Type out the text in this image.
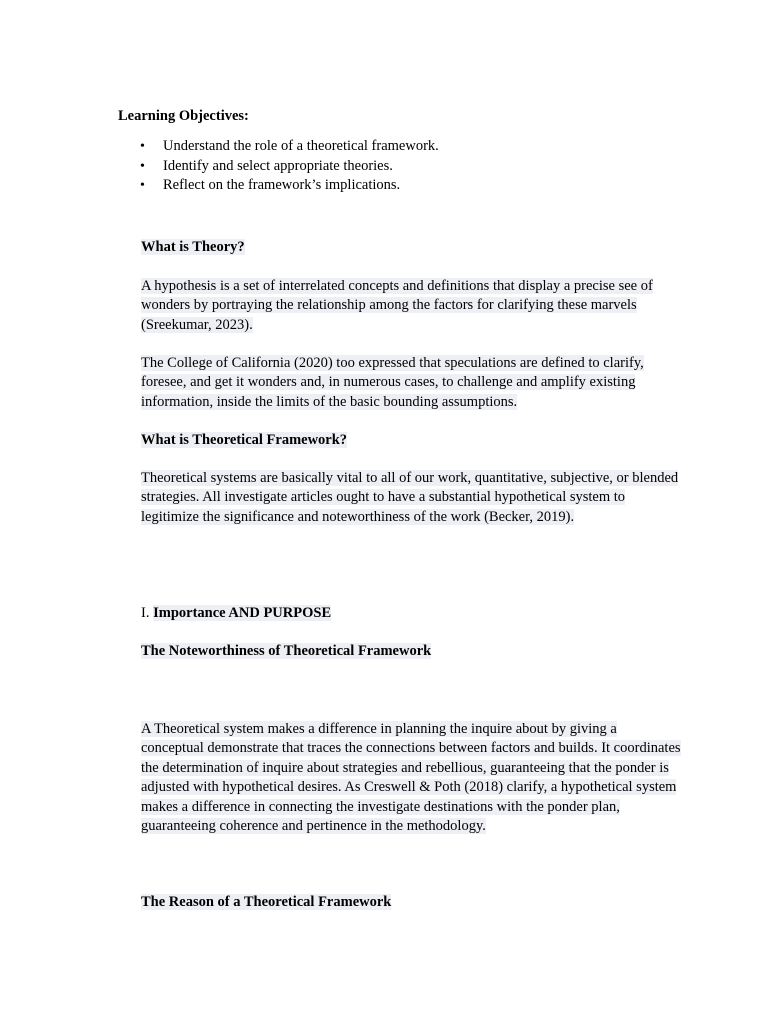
Learning Objectives:

• Understand the role of a theoretical framework.
• Identify and select appropriate theories.
• Reflect on the framework’s implications.

What is Theory?

A hypothesis is a set of interrelated concepts and definitions that display a precise see of wonders by portraying the relationship among the factors for clarifying these marvels (Sreekumar, 2023).

The College of California (2020) too expressed that speculations are defined to clarify, foresee, and get it wonders and, in numerous cases, to challenge and amplify existing information, inside the limits of the basic bounding assumptions.

What is Theoretical Framework?

Theoretical systems are basically vital to all of our work, quantitative, subjective, or blended strategies. All investigate articles ought to have a substantial hypothetical system to legitimize the significance and noteworthiness of the work (Becker, 2019).

I. Importance AND PURPOSE

The Noteworthiness of Theoretical Framework

A Theoretical system makes a difference in planning the inquire about by giving a conceptual demonstrate that traces the connections between factors and builds. It coordinates the determination of inquire about strategies and rebellious, guaranteeing that the ponder is adjusted with hypothetical desires. As Creswell & Poth (2018) clarify, a hypothetical system makes a difference in connecting the investigate destinations with the ponder plan, guaranteeing coherence and pertinence in the methodology.

The Reason of a Theoretical Framework
